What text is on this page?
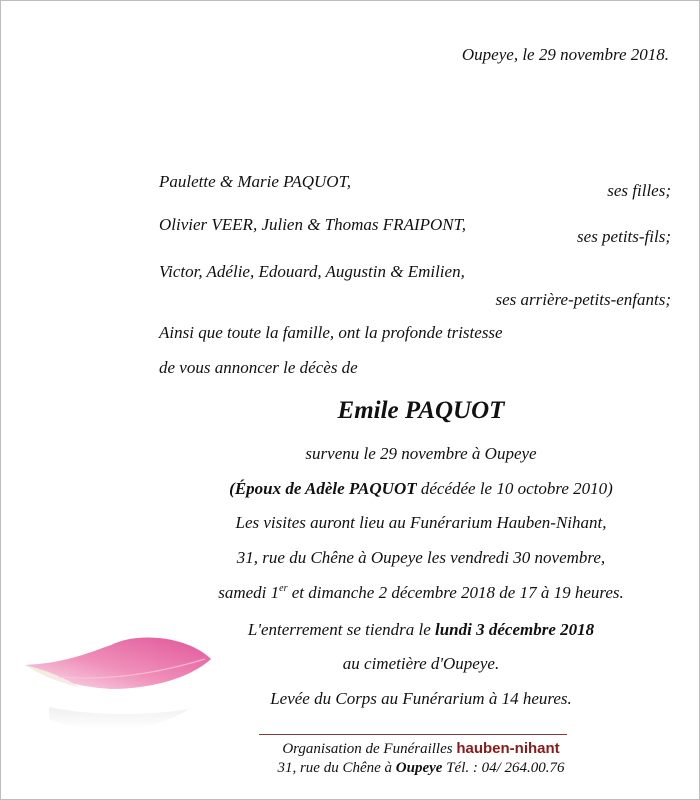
Oupeye, le 29 novembre 2018.
Paulette & Marie PAQUOT,	ses filles;
Olivier VEER, Julien & Thomas FRAIPONT,
ses petits-fils;
Victor, Adélie, Edouard, Augustin & Emilien,
ses arrière-petits-enfants;
Ainsi que toute la famille, ont la profonde tristesse
de vous annoncer le décès de
Emile PAQUOT
survenu le 29 novembre à Oupeye
(Époux de Adèle PAQUOT décédée le 10 octobre 2010)
Les visites auront lieu au Funérarium Hauben-Nihant,
31, rue du Chêne à Oupeye les vendredi 30 novembre,
samedi 1er et dimanche 2 décembre 2018 de 17 à 19 heures.
L'enterrement se tiendra le lundi 3 décembre 2018
au cimetière d'Oupeye.
Levée du Corps au Funérarium à 14 heures.
Organisation de Funérailles hauben-nihant
31, rue du Chêne à Oupeye Tél. : 04/ 264.00.76
